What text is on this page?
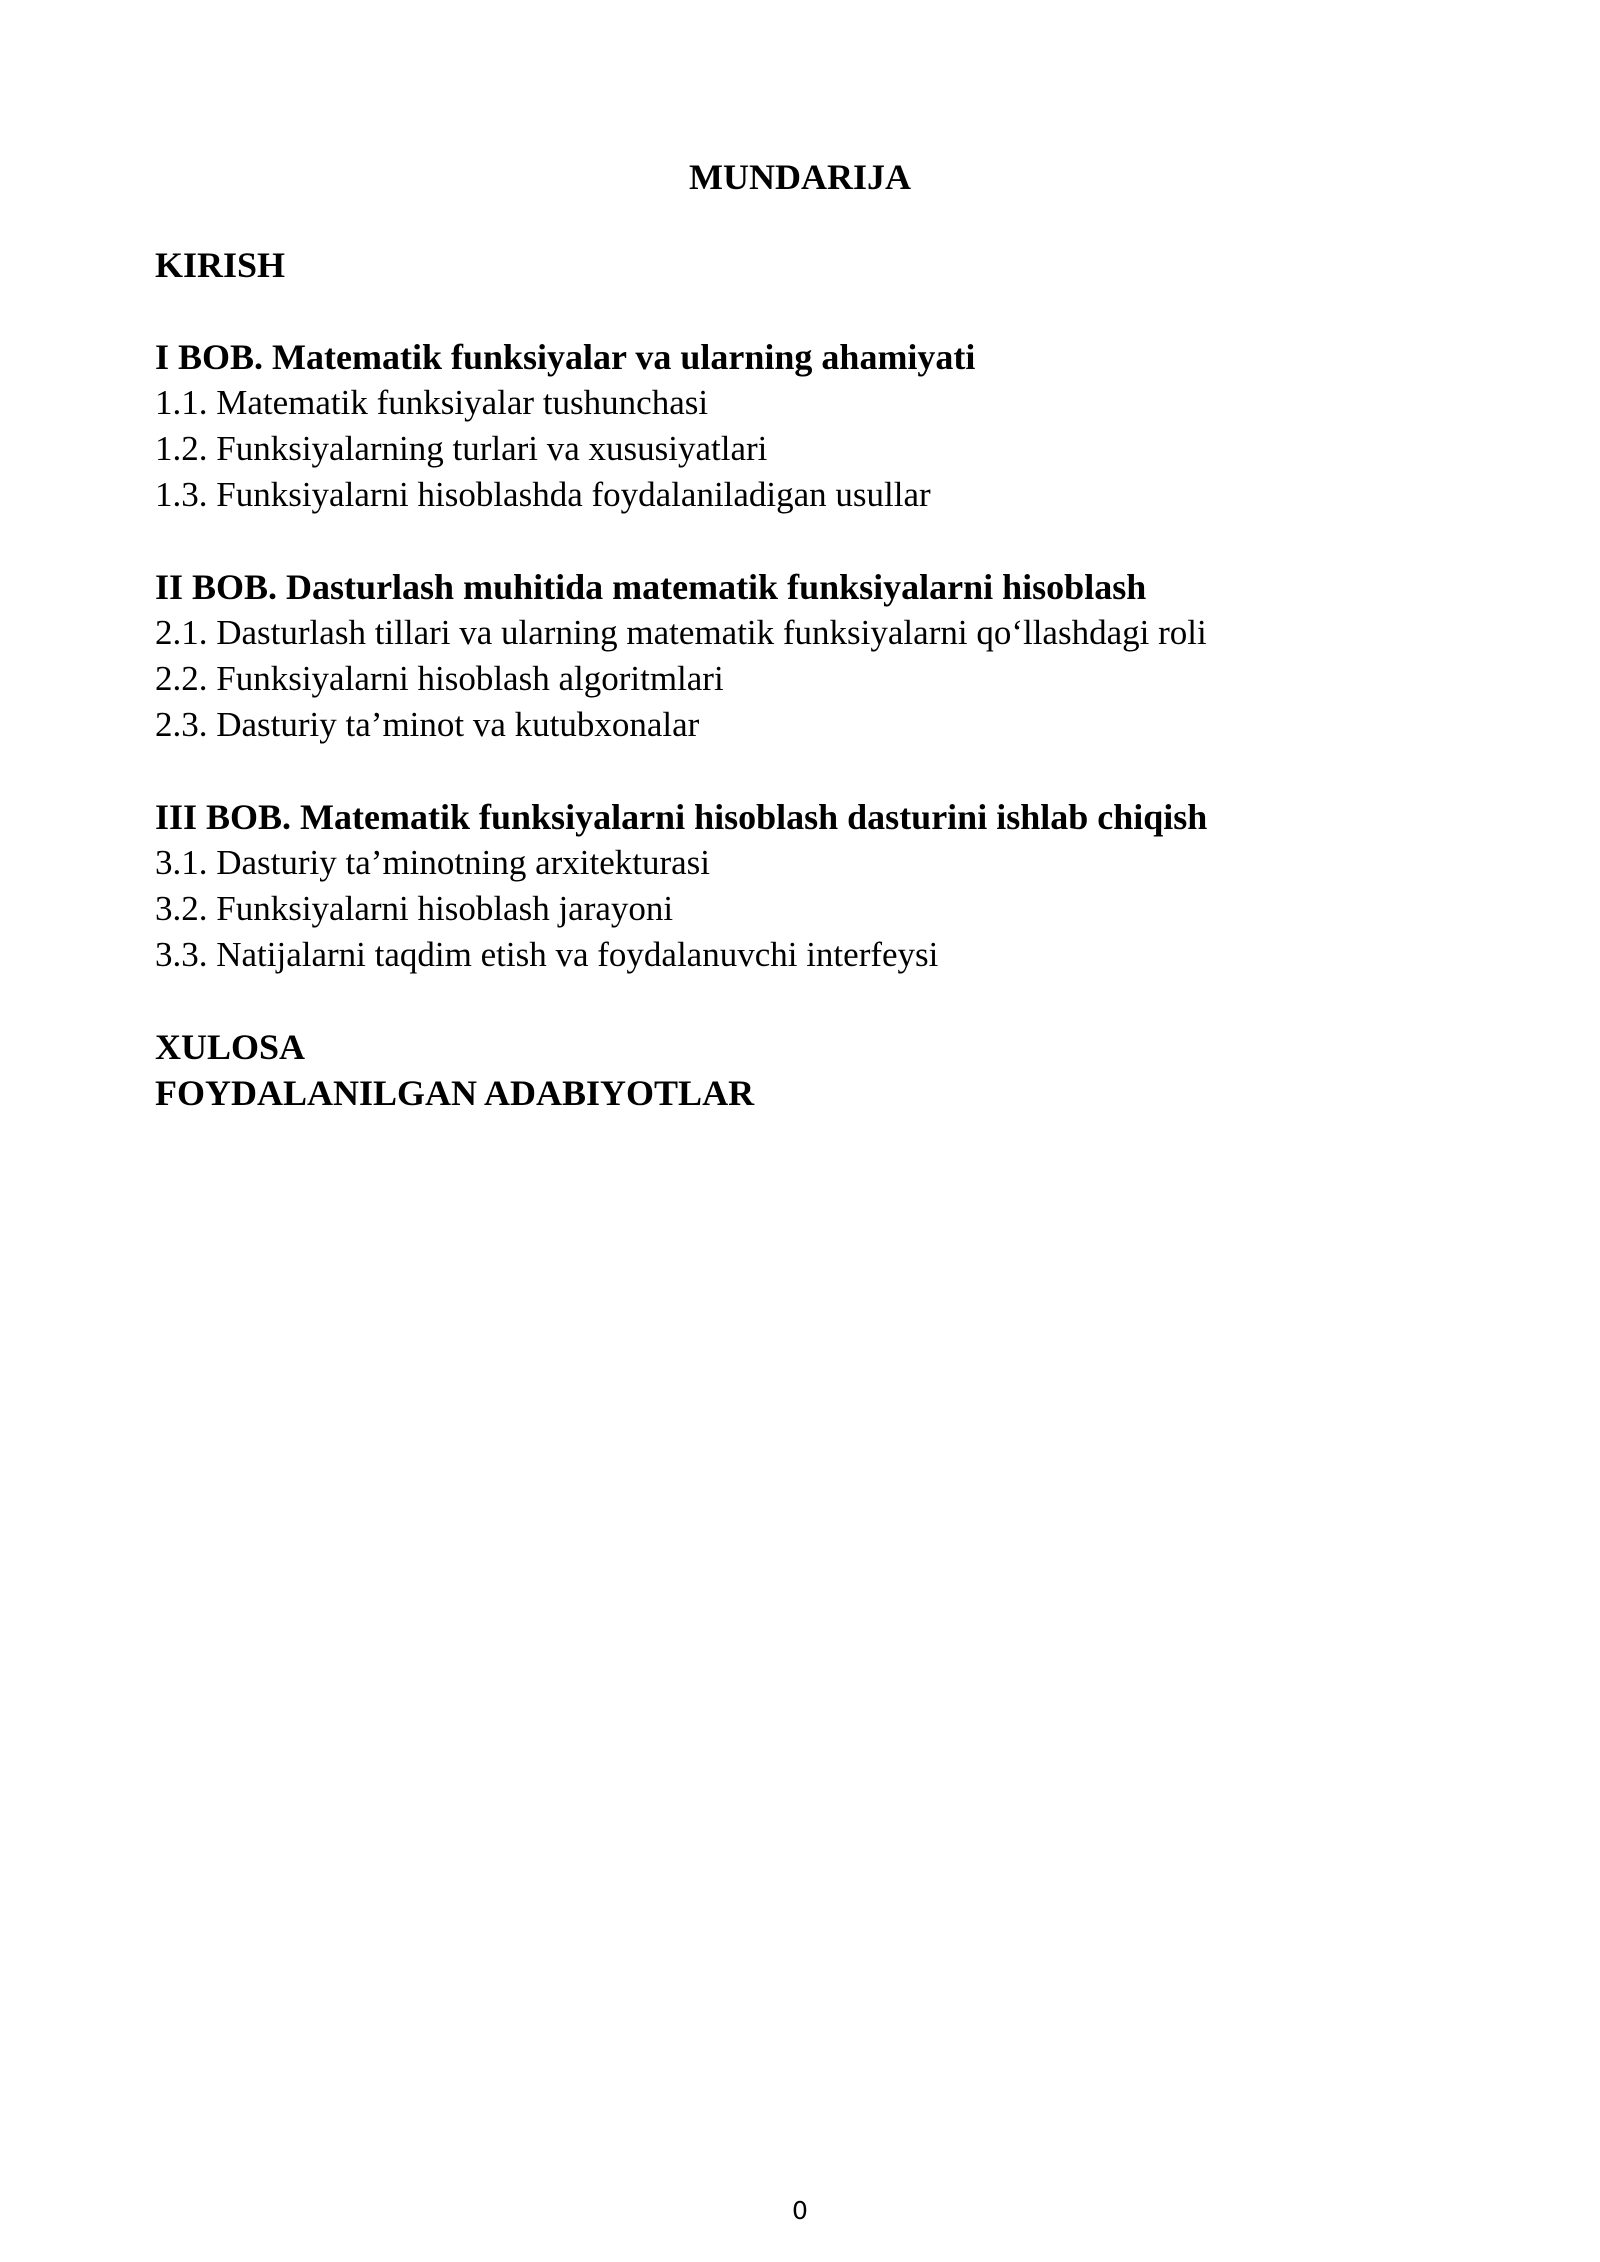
MUNDARIJA
KIRISH
I BOB. Matematik funksiyalar va ularning ahamiyati
1.1. Matematik funksiyalar tushunchasi
1.2. Funksiyalarning turlari va xususiyatlari
1.3. Funksiyalarni hisoblashda foydalaniladigan usullar
II BOB. Dasturlash muhitida matematik funksiyalarni hisoblash
2.1. Dasturlash tillari va ularning matematik funksiyalarni qo‘llashdagi roli
2.2. Funksiyalarni hisoblash algoritmlari
2.3. Dasturiy ta’minot va kutubxonalar
III BOB. Matematik funksiyalarni hisoblash dasturini ishlab chiqish
3.1. Dasturiy ta’minotning arxitekturasi
3.2. Funksiyalarni hisoblash jarayoni
3.3. Natijalarni taqdim etish va foydalanuvchi interfeysi
XULOSA
FOYDALANILGAN ADABIYOTLAR
0
